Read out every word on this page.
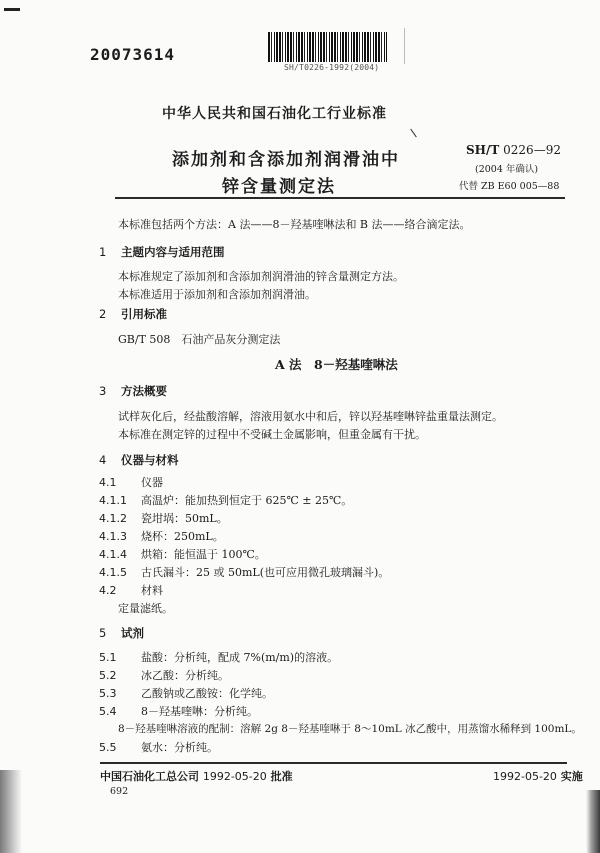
20073614
SH/T0226-1992(2004)
中华人民共和国石油化工行业标准
添加剂和含添加剂润滑油中
锌含量测定法
SH/T 0226—92
(2004 年确认)
代替 ZB E60 005—88
本标准包括两个方法：A 法——8－羟基喹啉法和 B 法——络合滴定法。
1 主题内容与适用范围
本标准规定了添加剂和含添加剂润滑油的锌含量测定方法。
本标准适用于添加剂和含添加剂润滑油。
2 引用标准
GB/T 508　石油产品灰分测定法
A 法　8－羟基喹啉法
3 方法概要
试样灰化后，经盐酸溶解，溶液用氨水中和后，锌以羟基喹啉锌盐重量法测定。
本标准在测定锌的过程中不受碱土金属影响，但重金属有干扰。
4 仪器与材料
4.1 仪器
4.1.1 高温炉：能加热到恒定于 625℃ ± 25℃。
4.1.2 瓷坩埚：50mL。
4.1.3 烧杯：250mL。
4.1.4 烘箱：能恒温于 100℃。
4.1.5 古氏漏斗：25 或 50mL(也可应用微孔玻璃漏斗)。
4.2 材料
定量滤纸。
5 试剂
5.1 盐酸：分析纯，配成 7%(m/m)的溶液。
5.2 冰乙酸：分析纯。
5.3 乙酸钠或乙酸铵：化学纯。
5.4 8－羟基喹啉：分析纯。
8－羟基喹啉溶液的配制：溶解 2g 8－羟基喹啉于 8～10mL 冰乙酸中，用蒸馏水稀释到 100mL。
5.5 氨水：分析纯。
中国石油化工总公司 1992-05-20 批准	1992-05-20 实施
692
